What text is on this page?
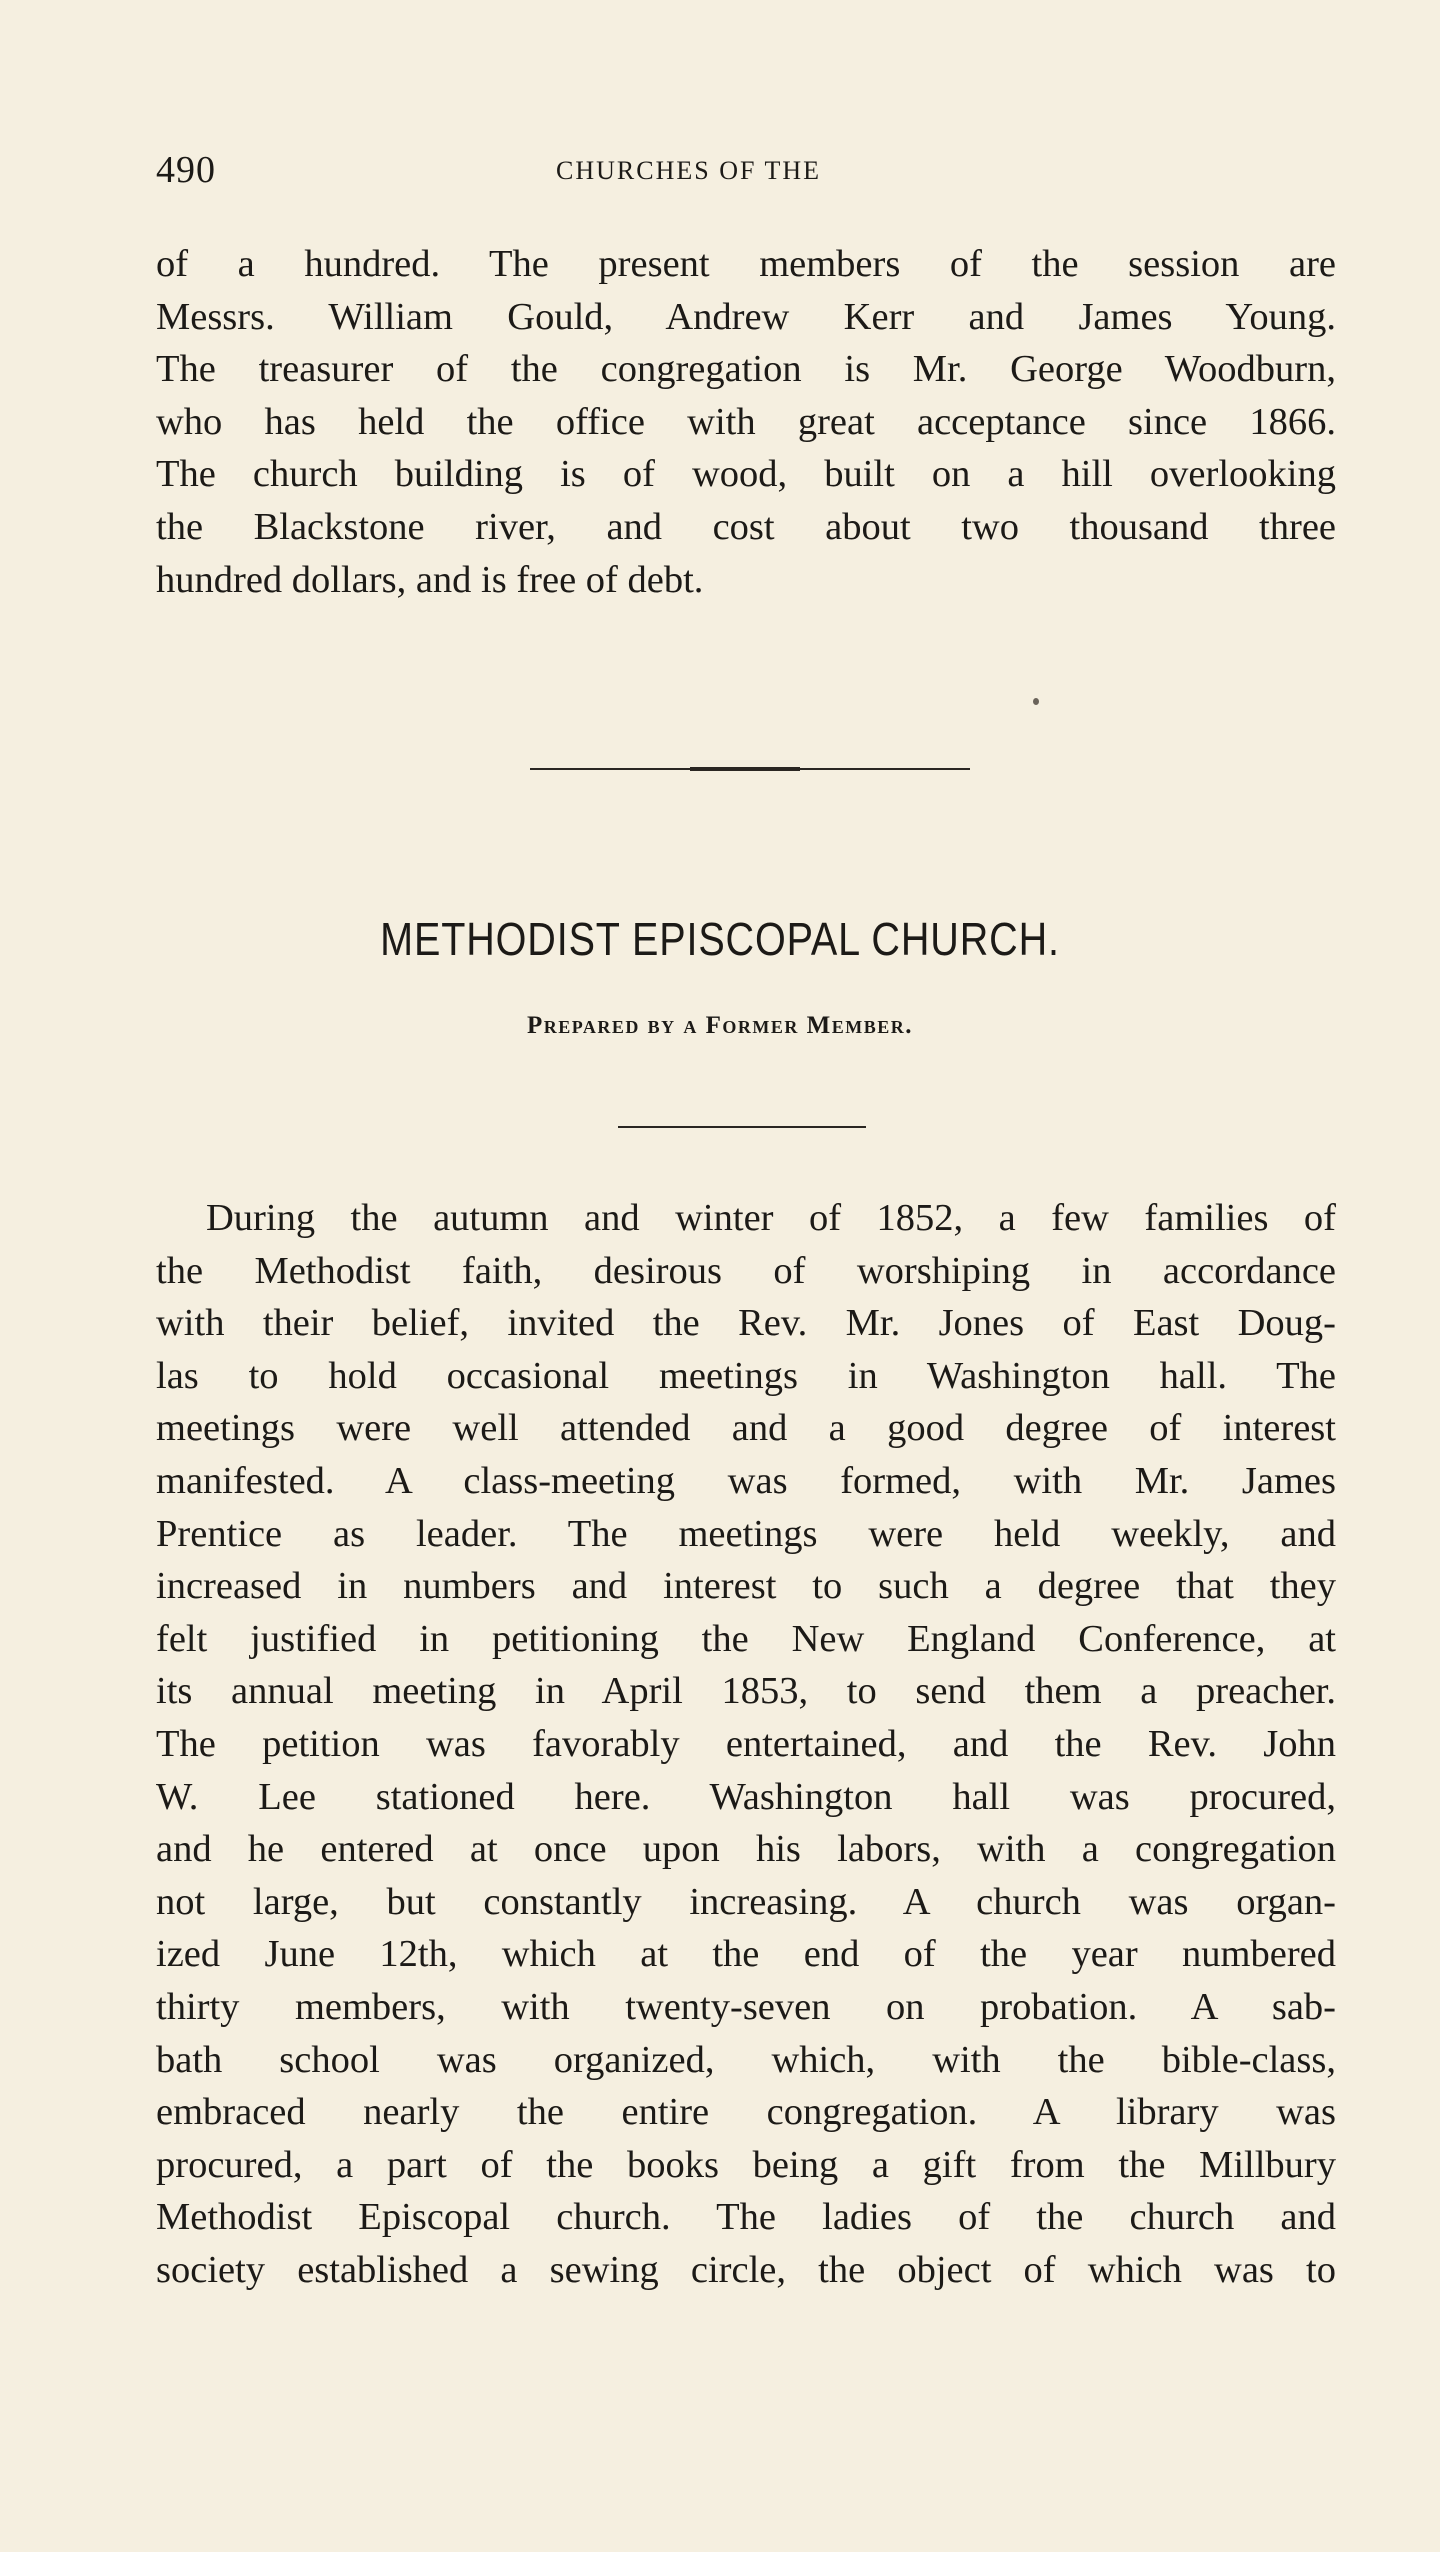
490	CHURCHES OF THE

of a hundred. The present members of the session are

Messrs. William Gould, Andrew Kerr and James Young.

The treasurer of the congregation is Mr. George Woodburn,

who has held the office with great acceptance since 1866.

The church building is of wood, built on a hill overlooking

the Blackstone river, and cost about two thousand three

hundred dollars, and is free of debt.

METHODIST EPISCOPAL CHURCH.
Prepared by a Former Member.

During the autumn and winter of 1852, a few families of

the Methodist faith, desirous of worshiping in accordance

with their belief, invited the Rev. Mr. Jones of East Doug-

las to hold occasional meetings in Washington hall. The

meetings were well attended and a good degree of interest

manifested. A class-meeting was formed, with Mr. James

Prentice as leader. The meetings were held weekly, and

increased in numbers and interest to such a degree that they

felt justified in petitioning the New England Conference, at

its annual meeting in April 1853, to send them a preacher.

The petition was favorably entertained, and the Rev. John

W. Lee stationed here. Washington hall was procured,

and he entered at once upon his labors, with a congregation

not large, but constantly increasing. A church was organ-

ized June 12th, which at the end of the year numbered

thirty members, with twenty-seven on probation. A sab-

bath school was organized, which, with the bible-class,

embraced nearly the entire congregation. A library was

procured, a part of the books being a gift from the Millbury

Methodist Episcopal church. The ladies of the church and

society established a sewing circle, the object of which was to
